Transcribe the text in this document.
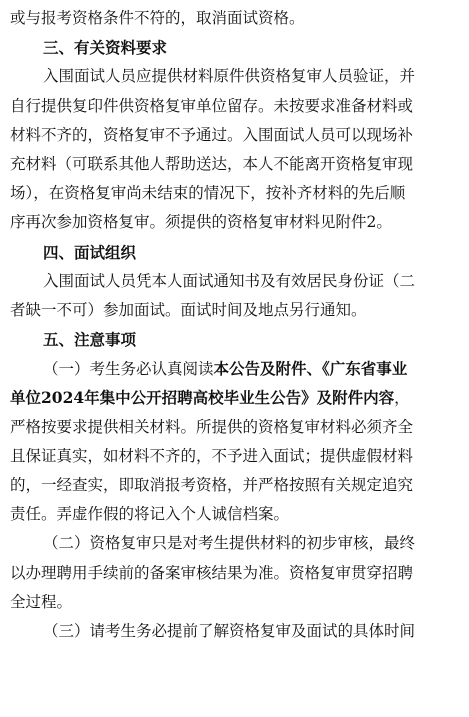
或与报考资格条件不符的，取消面试资格。
三、有关资料要求
入围面试人员应提供材料原件供资格复审人员验证，并
自行提供复印件供资格复审单位留存。未按要求准备材料或
材料不齐的，资格复审不予通过。入围面试人员可以现场补
充材料（可联系其他人帮助送达，本人不能离开资格复审现
场），在资格复审尚未结束的情况下，按补齐材料的先后顺
序再次参加资格复审。须提供的资格复审材料见附件2。
四、面试组织
入围面试人员凭本人面试通知书及有效居民身份证（二
者缺一不可）参加面试。面试时间及地点另行通知。
五、注意事项
（一）考生务必认真阅读本公告及附件、《广东省事业
单位2024年集中公开招聘高校毕业生公告》及附件内容，
严格按要求提供相关材料。所提供的资格复审材料必须齐全
且保证真实，如材料不齐的，不予进入面试；提供虚假材料
的，一经查实，即取消报考资格，并严格按照有关规定追究
责任。弄虚作假的将记入个人诚信档案。
（二）资格复审只是对考生提供材料的初步审核，最终
以办理聘用手续前的备案审核结果为准。资格复审贯穿招聘
全过程。
（三）请考生务必提前了解资格复审及面试的具体时间
